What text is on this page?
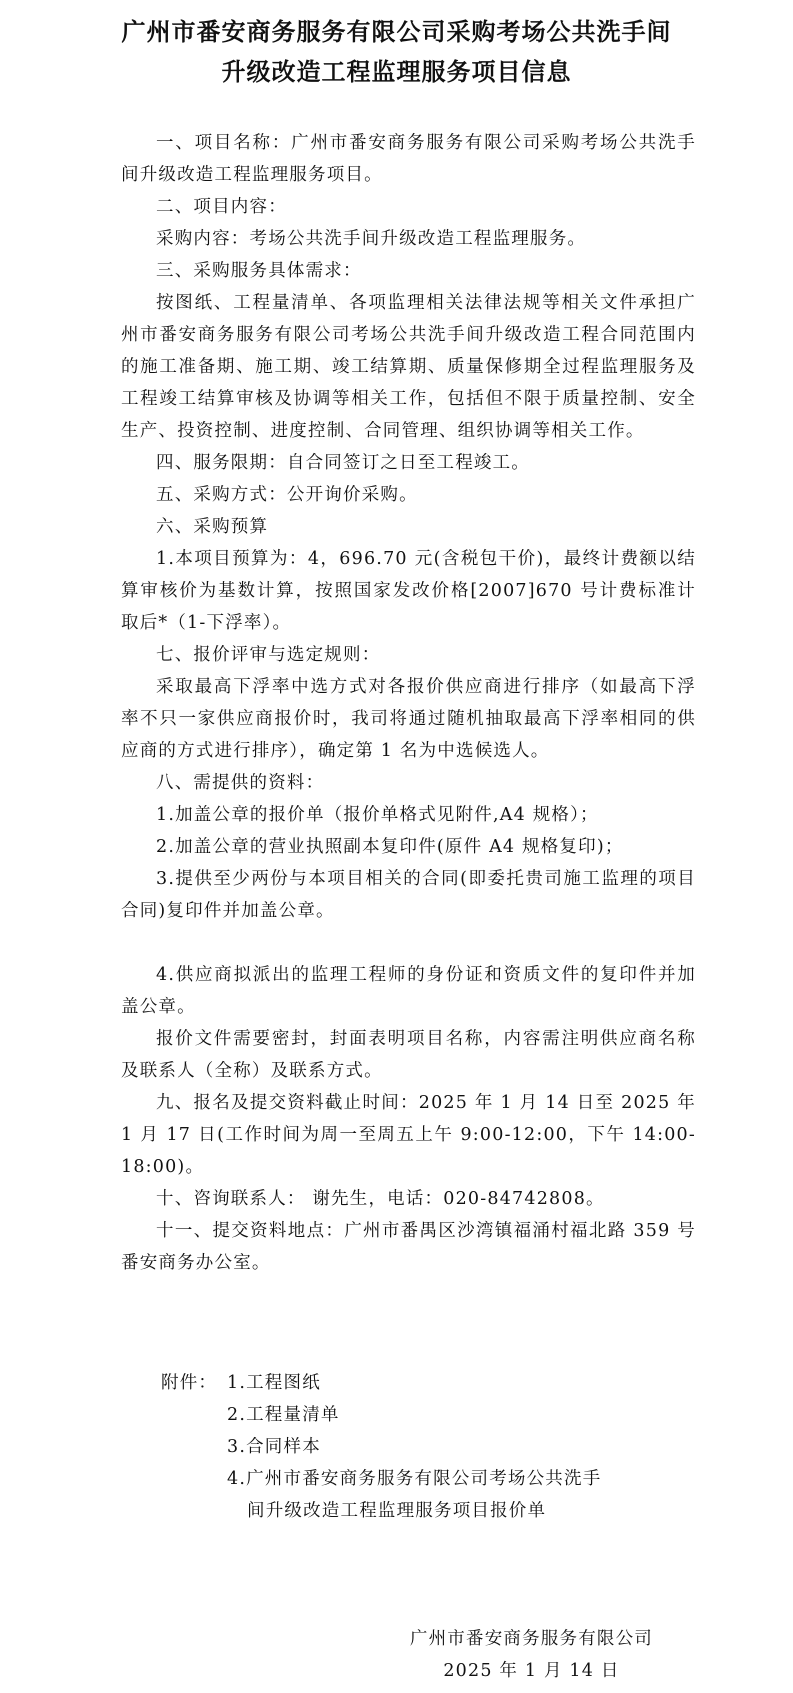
广州市番安商务服务有限公司采购考场公共洗手间
升级改造工程监理服务项目信息

一、项目名称：广州市番安商务服务有限公司采购考场公共洗手间升级改造工程监理服务项目。

二、项目内容：

采购内容：考场公共洗手间升级改造工程监理服务。

三、采购服务具体需求：

按图纸、工程量清单、各项监理相关法律法规等相关文件承担广州市番安商务服务有限公司考场公共洗手间升级改造工程合同范围内的施工准备期、施工期、竣工结算期、质量保修期全过程监理服务及工程竣工结算审核及协调等相关工作，包括但不限于质量控制、安全生产、投资控制、进度控制、合同管理、组织协调等相关工作。

四、服务限期：自合同签订之日至工程竣工。

五、采购方式：公开询价采购。

六、采购预算

1.本项目预算为：4，696.70 元(含税包干价)，最终计费额以结算审核价为基数计算，按照国家发改价格[2007]670 号计费标准计取后*（1-下浮率）。

七、报价评审与选定规则：

采取最高下浮率中选方式对各报价供应商进行排序（如最高下浮率不只一家供应商报价时，我司将通过随机抽取最高下浮率相同的供应商的方式进行排序），确定第 1 名为中选候选人。

八、需提供的资料：

1.加盖公章的报价单（报价单格式见附件,A4 规格）；

2.加盖公章的营业执照副本复印件(原件 A4 规格复印)；

3.提供至少两份与本项目相关的合同(即委托贵司施工监理的项目合同)复印件并加盖公章。

4.供应商拟派出的监理工程师的身份证和资质文件的复印件并加盖公章。

报价文件需要密封，封面表明项目名称，内容需注明供应商名称及联系人（全称）及联系方式。

九、报名及提交资料截止时间：2025 年 1 月 14 日至 2025 年 1 月 17 日(工作时间为周一至周五上午 9:00-12:00，下午 14:00-18:00)。

十、咨询联系人： 谢先生，电话：020-84742808。

十一、提交资料地点：广州市番禺区沙湾镇福涌村福北路 359 号番安商务办公室。

附件： 1.工程图纸
2.工程量清单
3.合同样本
4.广州市番安商务服务有限公司考场公共洗手
间升级改造工程监理服务项目报价单
广州市番安商务服务有限公司
2025 年 1 月 14 日
